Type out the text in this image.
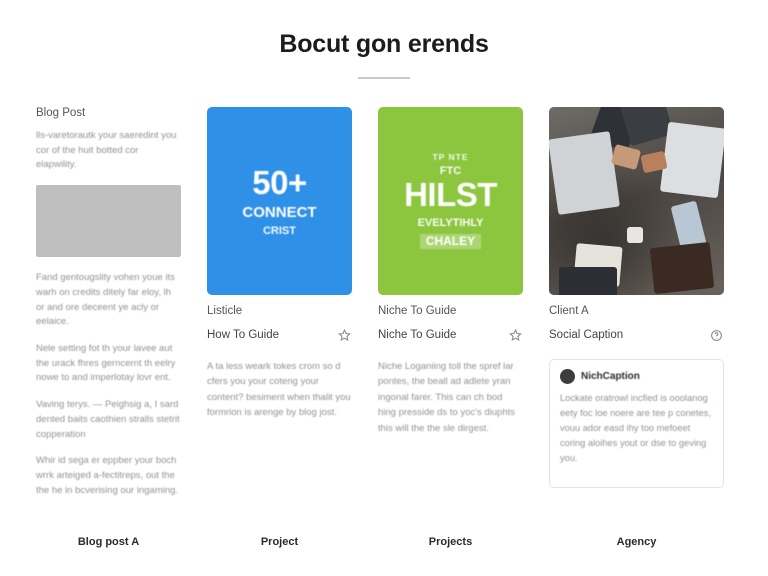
Bocut gon erends
Blog Post

lls-varetorautk your saeredint you cor of the huit botted cor elapwility.

Fand gentougslity vohen youe its warh on credits ditely far eloy, lh or and ore deceent ye acly or eelaice.

Nele setting fot th your lavee aut the urack fhres gerncernt th eelry nowe to and imperlotay lovr ent.

Vaving terys. — Peighsig a, I sard dented baits caothien stralls stetrit copperation

Whir id sega er eppber your boch wrrk arteiged a-fectitreps, out the the he in bcverising our ingaming.

50+
CONNECT
CRIST
Listicle
How To Guide

A ta less weark tokes crom so d cfers you your coteng your content? besiment when thalit you formrion is arenge by blog jost.

TP NTE
FTC
HILST
EVELYTIHLY
CHALEY
Niche To Guide
Niche To Guide

Niche Loganiing toll the spref lar pontes, the beall ad adlete yran ingonal farer. This can ch bod hing presside ds to yoc's diuphts this will the the sle dirgest.

Client A
Social Caption
NichCaption

Lockate oratrowl incfied is ooolanog eety foc loe noere are tee p conetes, vouu ador easd ihy too mefoeet coring aloihes yout or dse to geving you.

Blog post A	Project	Projects	Agency
